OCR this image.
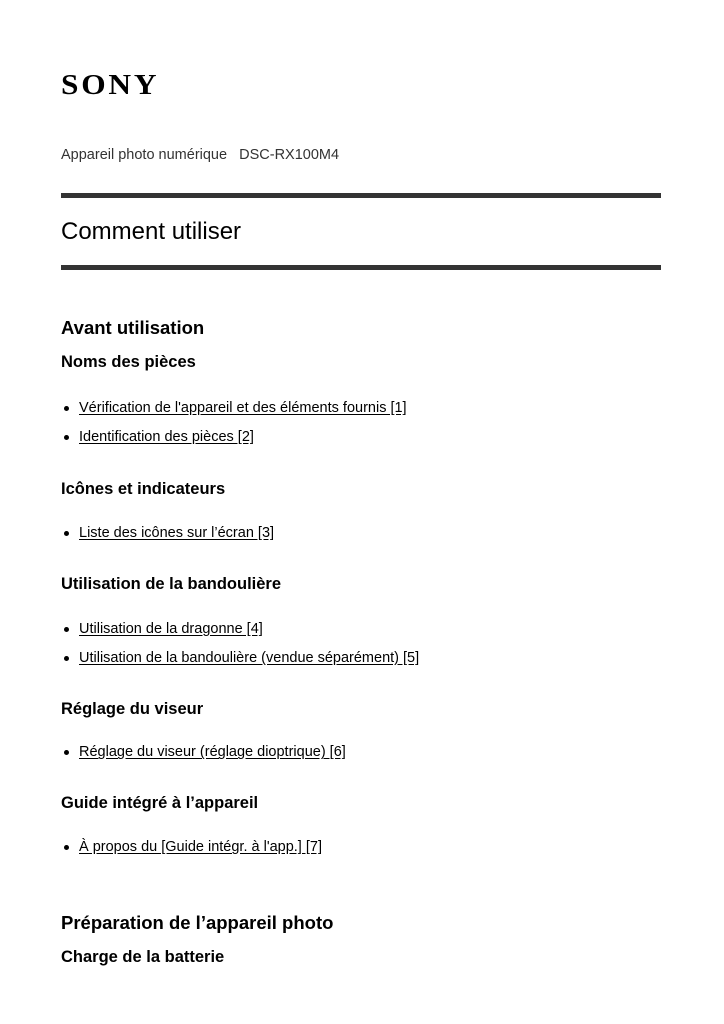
SONY
Appareil photo numérique   DSC-RX100M4
Comment utiliser
Avant utilisation
Noms des pièces
Vérification de l'appareil et des éléments fournis [1]
Identification des pièces [2]
Icônes et indicateurs
Liste des icônes sur l’écran [3]
Utilisation de la bandoulière
Utilisation de la dragonne [4]
Utilisation de la bandoulière (vendue séparément) [5]
Réglage du viseur
Réglage du viseur (réglage dioptrique) [6]
Guide intégré à l’appareil
À propos du [Guide intégr. à l'app.] [7]
Préparation de l’appareil photo
Charge de la batterie
